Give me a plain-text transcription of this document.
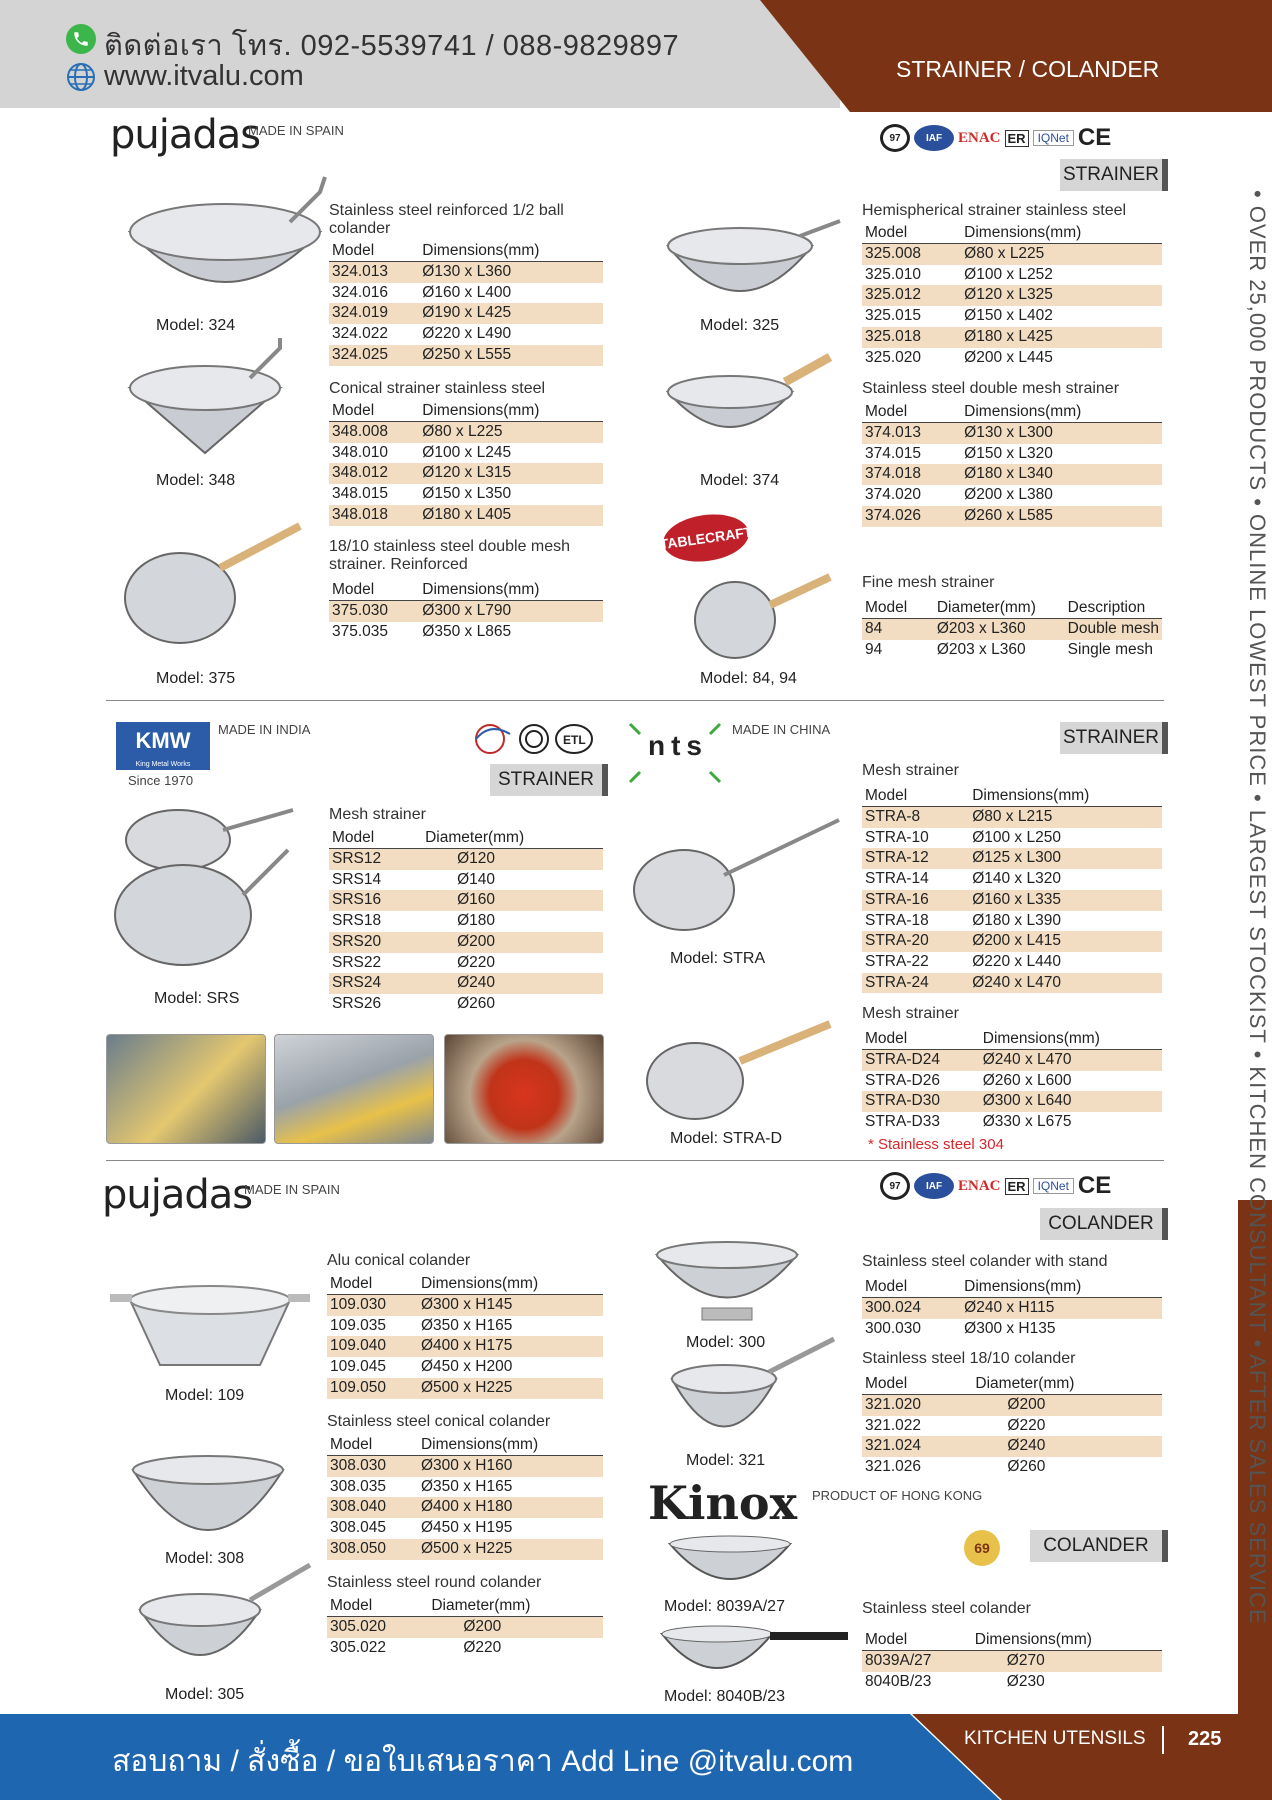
ติดต่อเรา โทร. 092-5539741 / 088-9829897
www.itvalu.com	STRAINER / COLANDER
• OVER 25,000 PRODUCTS • ONLINE LOWEST PRICE • LARGEST STOCKIST • KITCHEN CONSULTANT • AFTER SALES SERVICE
pujadas
MADE IN SPAIN	97	IAF	ENAC ER	IQNet CE
STRAINER
Model: 324
Model: 348
Model: 375
Stainless steel reinforced 1/2 ball colander
Model	Dimensions(mm)
324.013	Ø130 x L360
324.016	Ø160 x L400
324.019	Ø190 x L425
324.022	Ø220 x L490
324.025	Ø250 x L555
Conical strainer stainless steel
Model	Dimensions(mm)
348.008	Ø80 x L225
348.010	Ø100 x L245
348.012	Ø120 x L315
348.015	Ø150 x L350
348.018	Ø180 x L405
18/10 stainless steel double mesh strainer. Reinforced
Model	Dimensions(mm)
375.030	Ø300 x L790
375.035	Ø350 x L865
Model: 325
Model: 374
TABLECRAFT
Model: 84, 94
Hemispherical strainer stainless steel
Model	Dimensions(mm)
325.008	Ø80 x L225
325.010	Ø100 x L252
325.012	Ø120 x L325
325.015	Ø150 x L402
325.018	Ø180 x L425
325.020	Ø200 x L445
Stainless steel double mesh strainer
Model	Dimensions(mm)
374.013	Ø130 x L300
374.015	Ø150 x L320
374.018	Ø180 x L340
374.020	Ø200 x L380
374.026	Ø260 x L585
Fine mesh strainer
Model	Diameter(mm)	Description
84	Ø203 x L360	Double mesh
94	Ø203 x L360	Single mesh
KMW
King Metal Works
Since 1970
MADE IN INDIA
ETL
STRAINER
nts
MADE IN CHINA	STRAINER
Model: SRS
Mesh strainer
Model	Diameter(mm)
SRS12	Ø120
SRS14	Ø140
SRS16	Ø160
SRS18	Ø180
SRS20	Ø200
SRS22	Ø220
SRS24	Ø240
SRS26	Ø260
Model: STRA
Model: STRA-D
Mesh strainer
Model	Dimensions(mm)
STRA-8	Ø80 x L215
STRA-10	Ø100 x L250
STRA-12	Ø125 x L300
STRA-14	Ø140 x L320
STRA-16	Ø160 x L335
STRA-18	Ø180 x L390
STRA-20	Ø200 x L415
STRA-22	Ø220 x L440
STRA-24	Ø240 x L470
Mesh strainer
Model	Dimensions(mm)
STRA-D24	Ø240 x L470
STRA-D26	Ø260 x L600
STRA-D30	Ø300 x L640
STRA-D33	Ø330 x L675
* Stainless steel 304
pujadas
MADE IN SPAIN	97	IAF	ENAC ER	IQNet CE
COLANDER
Model: 109
Model: 308
Model: 305
Alu conical colander
Model	Dimensions(mm)
109.030	Ø300 x H145
109.035	Ø350 x H165
109.040	Ø400 x H175
109.045	Ø450 x H200
109.050	Ø500 x H225
Stainless steel conical colander
Model	Dimensions(mm)
308.030	Ø300 x H160
308.035	Ø350 x H165
308.040	Ø400 x H180
308.045	Ø450 x H195
308.050	Ø500 x H225
Stainless steel round colander
Model	Diameter(mm)
305.020	Ø200
305.022	Ø220
Model: 300
Model: 321
Kinox PRODUCT OF HONG KONG
Model: 8039A/27
Model: 8040B/23
69	COLANDER
Stainless steel colander with stand
Model	Dimensions(mm)
300.024	Ø240 x H115
300.030	Ø300 x H135
Stainless steel 18/10 colander
Model	Diameter(mm)
321.020	Ø200
321.022	Ø220
321.024	Ø240
321.026	Ø260
Stainless steel colander
Model	Dimensions(mm)
8039A/27	Ø270
8040B/23	Ø230
สอบถาม / สั่งซื้อ / ขอใบเสนอราคา Add Line @itvalu.com
KITCHEN UTENSILS 225
